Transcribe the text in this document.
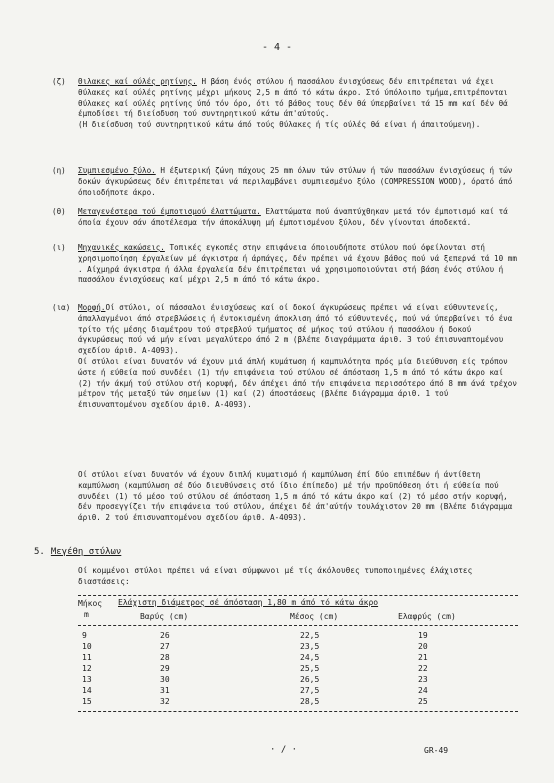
- 4 -
(ζ)	Θιλακες καί ούλές ρητίνης. Η βάση ένός στύλου ή πασσάλου ένισχύσεως δέν επιτρέπεται νά έχει θύλακες καί ούλές ρητίνης μέχρι μήκους 2,5 m άπό τό κάτω άκρο. Στό ύπόλοιπο τμήμα,επιτρέπονται θύλακες καί ούλές ρητίνης ύπό τόν όρο, ότι τό βάθος τους δέν θά ύπερβαίνει τά 15 mm καί δέν θά έμποδίσει τή διείσδυση τού συντηρητικού κάτω άπ'αύτούς.
(Η διείσδυση τού συντηρητικού κάτω άπό τούς θύλακες ή τίς ούλές θά είναι ή άπαιτούμενη).
(η)	Συμπιεσμένο ξύλο. Η έξωτερική ζώνη πάχους 25 mm όλων τών στύλων ή τών πασσάλων ένισχύσεως ή τών δοκών άγκυρώσεως δέν έπιτρέπεται νά περιλαμβάνει συμπιεσμένο ξύλο (COMPRESSION WOOD), όρατό άπό όποιοδήποτε άκρο.
(θ)	Μεταγενέστερα τού έμποτισμού έλαττώματα. Ελαττώματα πού άναπτύχθηκαν μετά τόν έμποτισμό καί τά όποία έχουν σάν άποτέλεσμα τήν άποκάλυψη μή έμποτισμένου ξύλου, δέν γίνονται άποδεκτά.
(ι)	Μηχανικές κακώσεις. Τοπικές εγκοπές στην επιφάνεια όποιουδήποτε στύλου πού όφείλονται στή χρησιμοποίηση έργαλείων μέ άγκιστρα ή άρπάγες, δέν πρέπει νά έχουν βάθος πού νά ξεπερνά τά 10 mm . Αίχμηρά άγκιστρα ή άλλα έργαλεία δέν έπιτρέπεται νά χρησιμοποιούνται στή βάση ένός στύλου ή πασσάλου ένισχύσεως καί μέχρι 2,5 m άπό τό κάτω άκρο.
(ια)	Μορφή.Οί στύλοι, οί πάσσαλοι ένισχύσεως καί οί δοκοί άγκυρώσεως πρέπει νά είναι εύθυντενείς, άπαλλαγμένοι άπό στρεβλώσεις ή έντοκισμένη άποκλιση άπό τό εύθυντενές, πού νά ύπερβαίνει τό ένα τρίτο τής μέσης διαμέτρου τού στρεβλού τμήματος σέ μήκος τού στύλου ή πασσάλου ή δοκού άγκυρώσεως πού νά μήν είναι μεγαλύτερο άπό 2 m (βλέπε διαγράμματα άριθ. 3 τού έπισυναπτομένου σχεδίου άριθ. Α-4093).
Οί στύλοι είναι δυνατόν νά έχουν μιά άπλή κυμάτωση ή καμπυλότητα πρός μία διεύθυνση είς τρόπον ώστε ή εύθεία πού συνδέει (1) τήν επιφάνεια τού στύλου σέ άπόσταση 1,5 m άπό τό κάτω άκρο καί (2) τήν άκμή τού στύλου στή κορυφή, δέν άπέχει άπό τήν επιφάνεια περισσότερο άπό 8 mm άνά τρέχον μέτρον τής μεταξύ τών σημείων (1) καί (2) άποστάσεως (βλέπε διάγραμμα άριθ. 1 τού έπισυναπτομένου σχεδίου άριθ. Α-4093).
Οί στύλοι είναι δυνατόν νά έχουν διπλή κυματισμό ή καμπύλωση έπί δύο επιπέδων ή άντίθετη καμπύλωση (καμπύλωση σέ δύο διευθύνσεις στό ίδιο έπίπεδο) μέ τήν προϋπόθεση ότι ή εύθεία πού συνδέει (1) τό μέσο τού στύλου σέ άπόσταση 1,5 m άπό τό κάτω άκρο καί (2) τό μέσο στήν κορυφή, δέν προσεγγίζει τήν επιφάνεια τού στύλου, άπέχει δέ άπ'αύτήν τουλάχιστον 20 mm (Βλέπε διάγραμμα άριθ. 2 τού έπισυναπτομένου σχεδίου άριθ. Α-4093).
5. Μεγέθη στύλων
Οί κομμένοι στύλοι πρέπει νά είναι σύμφωνοι μέ τίς άκόλουθες τυποποιημένες έλάχιστες διαστάσεις:
Μήκος
m
Ελάχιστη διάμετρος σέ άπόσταση 1,80 m άπό τό κάτω άκρο
Βαρύς (cm)	Μέσος (cm)	Ελαφρύς (cm)
9	26	22,5	19
10	27	23,5	20
11	28	24,5	21
12	29	25,5	22
13	30	26,5	23
14	31	27,5	24
15	32	28,5	25
· / ·	GR-49
